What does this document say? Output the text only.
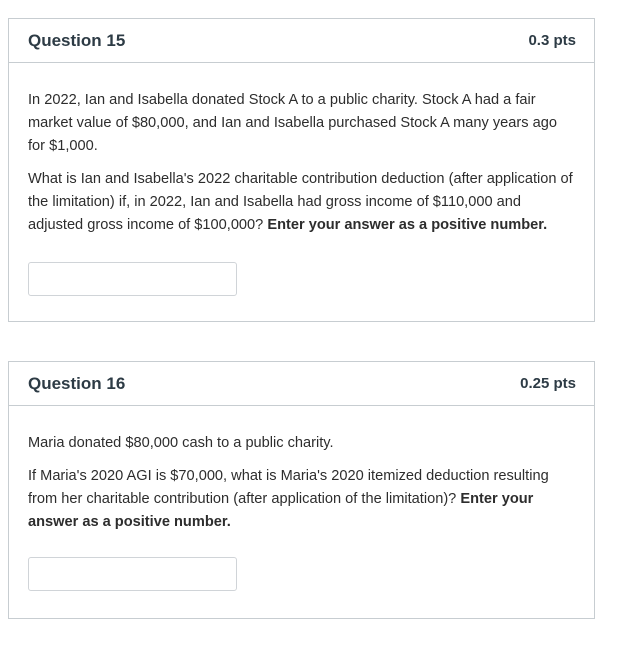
Question 15	0.3 pts

In 2022, Ian and Isabella donated Stock A to a public charity. Stock A had a fair market value of $80,000, and Ian and Isabella purchased Stock A many years ago for $1,000.

What is Ian and Isabella's 2022 charitable contribution deduction (after application of the limitation) if, in 2022, Ian and Isabella had gross income of $110,000 and adjusted gross income of $100,000? Enter your answer as a positive number.

Question 16	0.25 pts

Maria donated $80,000 cash to a public charity.

If Maria's 2020 AGI is $70,000, what is Maria's 2020 itemized deduction resulting from her charitable contribution (after application of the limitation)? Enter your answer as a positive number.
